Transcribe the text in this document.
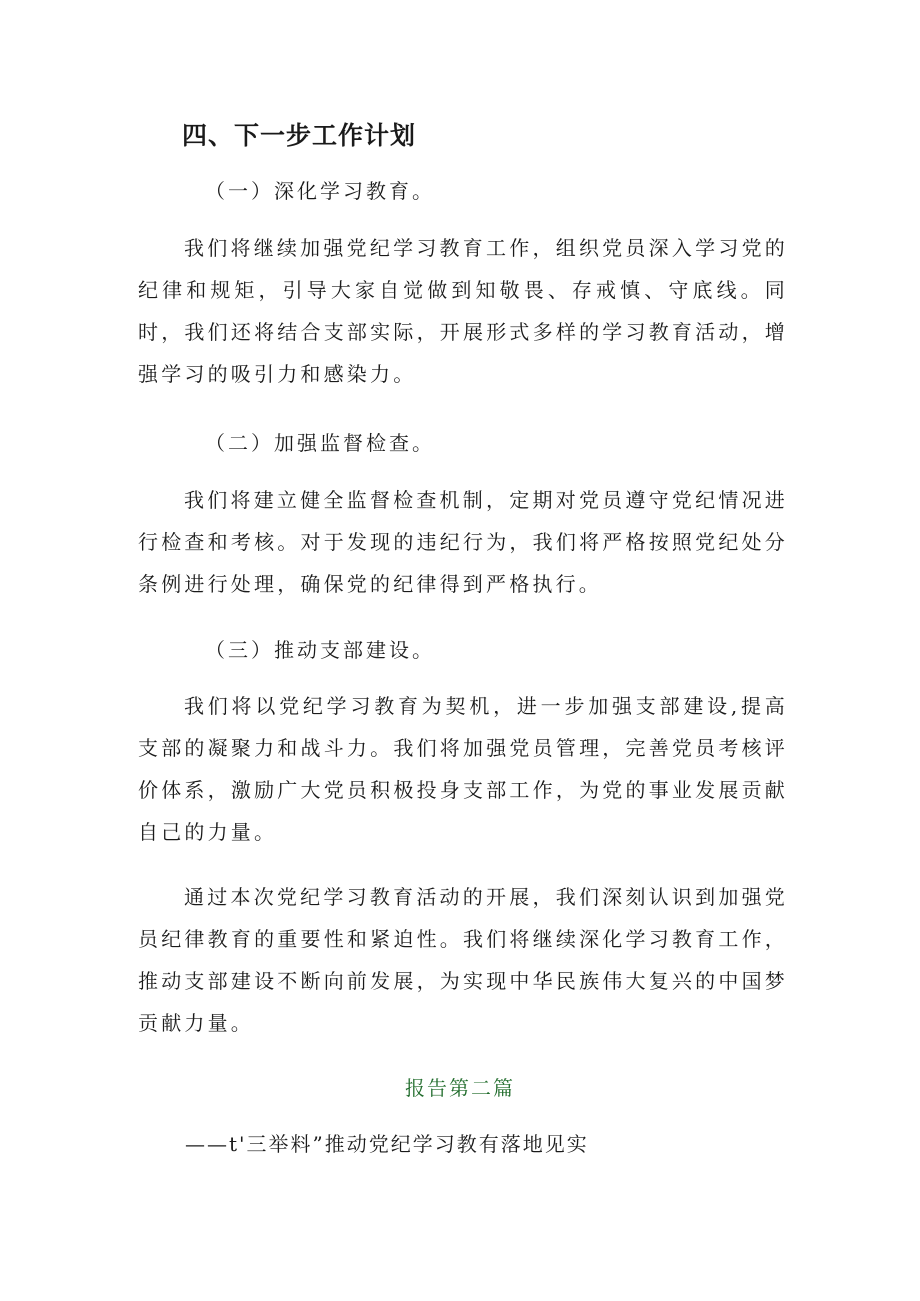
四、下一步工作计划

（一）深化学习教育。

我们将继续加强党纪学习教育工作，组织党员深入学习党的纪律和规矩，引导大家自觉做到知敬畏、存戒慎、守底线。同时，我们还将结合支部实际，开展形式多样的学习教育活动，增强学习的吸引力和感染力。

（二）加强监督检查。

我们将建立健全监督检查机制，定期对党员遵守党纪情况进行检查和考核。对于发现的违纪行为，我们将严格按照党纪处分条例进行处理，确保党的纪律得到严格执行。

（三）推动支部建设。

我们将以党纪学习教育为契机，进一步加强支部建设,提高支部的凝聚力和战斗力。我们将加强党员管理，完善党员考核评价体系，激励广大党员积极投身支部工作，为党的事业发展贡献自己的力量。

通过本次党纪学习教育活动的开展，我们深刻认识到加强党员纪律教育的重要性和紧迫性。我们将继续深化学习教育工作，推动支部建设不断向前发展，为实现中华民族伟大复兴的中国梦贡献力量。

报告第二篇

——t'三举料”推动党纪学习教有落地见实
